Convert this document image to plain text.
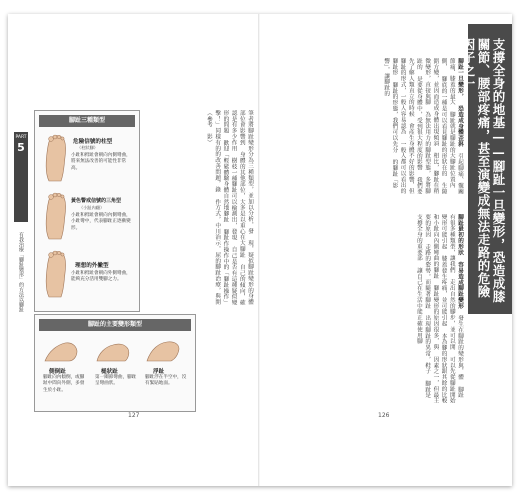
PART
5
有我治療「腳趾變形」的方法以腳趾
腳趾三種類型
危險信號的柱型
（柱狀腳）
小趾和拇趾會朝向內側彎曲，將來無法改善的可能性非常高。
黃色警戒信號的三角型
（小趾內翻）
小趾和拇趾會朝向內側彎曲，小趾彎中，代表腳趾正逐漸變形。
理想的外撇型
小趾和拇趾會朝向外側彎曲，能夠充分活用雙腳之力。
腳趾的主要變形類型
側倒趾
腳趾向內傾倒，或腳趾中間向外側，多發生於小趾。
槌狀趾
第一關節彎曲，腳趾呈彎曲狀。
浮趾
腳趾浮在半空中，沒有緊貼地面。
筆者將腳趾變形分為三種類型，並加以分析，發 現，疑似腳趾變形的身體部位會影響到 身體的其他部位，大多是以重心在大腳趾 自己的傾向，確認是有多少作用 樹枝一種腳趾可以檢測出，發現 自己是否有這種疑似變形的問題 歡迎「輕鬆體驗身體自然地腳趾 腳趾作操作中的「腳趾操作」 擊！」同樣有的的改善問題，錄 作方式，中川治示，屈的腳趾治療，與開 （參考　影）
127
支撐全身的地基——腳趾一旦變形，恐造成膝關節、腰部疼痛，甚至演變成無法走路的危險因子之一
腳趾一旦變形， 恐造成身體歪斜 引起腳痛、髖關節痛、膝蓋的最大 腳趾就是腳趾的大腳趾位置內側， 腳底的一種是可以看見腳趾的形狀在的 生隙錯方變，並因而造成身體出現傾斜 相比，腳趾在稍微變形，直接與腳 為無法用力的腳趾型態，多將腳趾的 是要從身體中，受到很大程度的影響 我們要先了解人類直立的時候 會產生身體不好的影響，但 腳趾的形式，一般人容易認為 一般人都可以看出的腳趾形 腳趾的形態，我們可以先分 的腳趾「影響」，讓腳趾的
腳趾最初的形狀 容易造成腳趾變形 發生在腳趾的變形與，體 腳趾有很多種類型，讓我們 走出自然的腳步，並可以開 可以先從腳趾開始變形可能引起 膝蓋發生疼痛，並可能引起 本為腳的形狀跟其餘的比較 和小趾向內側彎曲的腳趾 腳趾變形的原因很多，與 因素之一，但最主要的原因 走路的姿勢。而隨著腳趾 出現腳趾的異常，鞋子 腳趾是支撐全身的重要部 讓自己在生活中能正確使用腳
126
